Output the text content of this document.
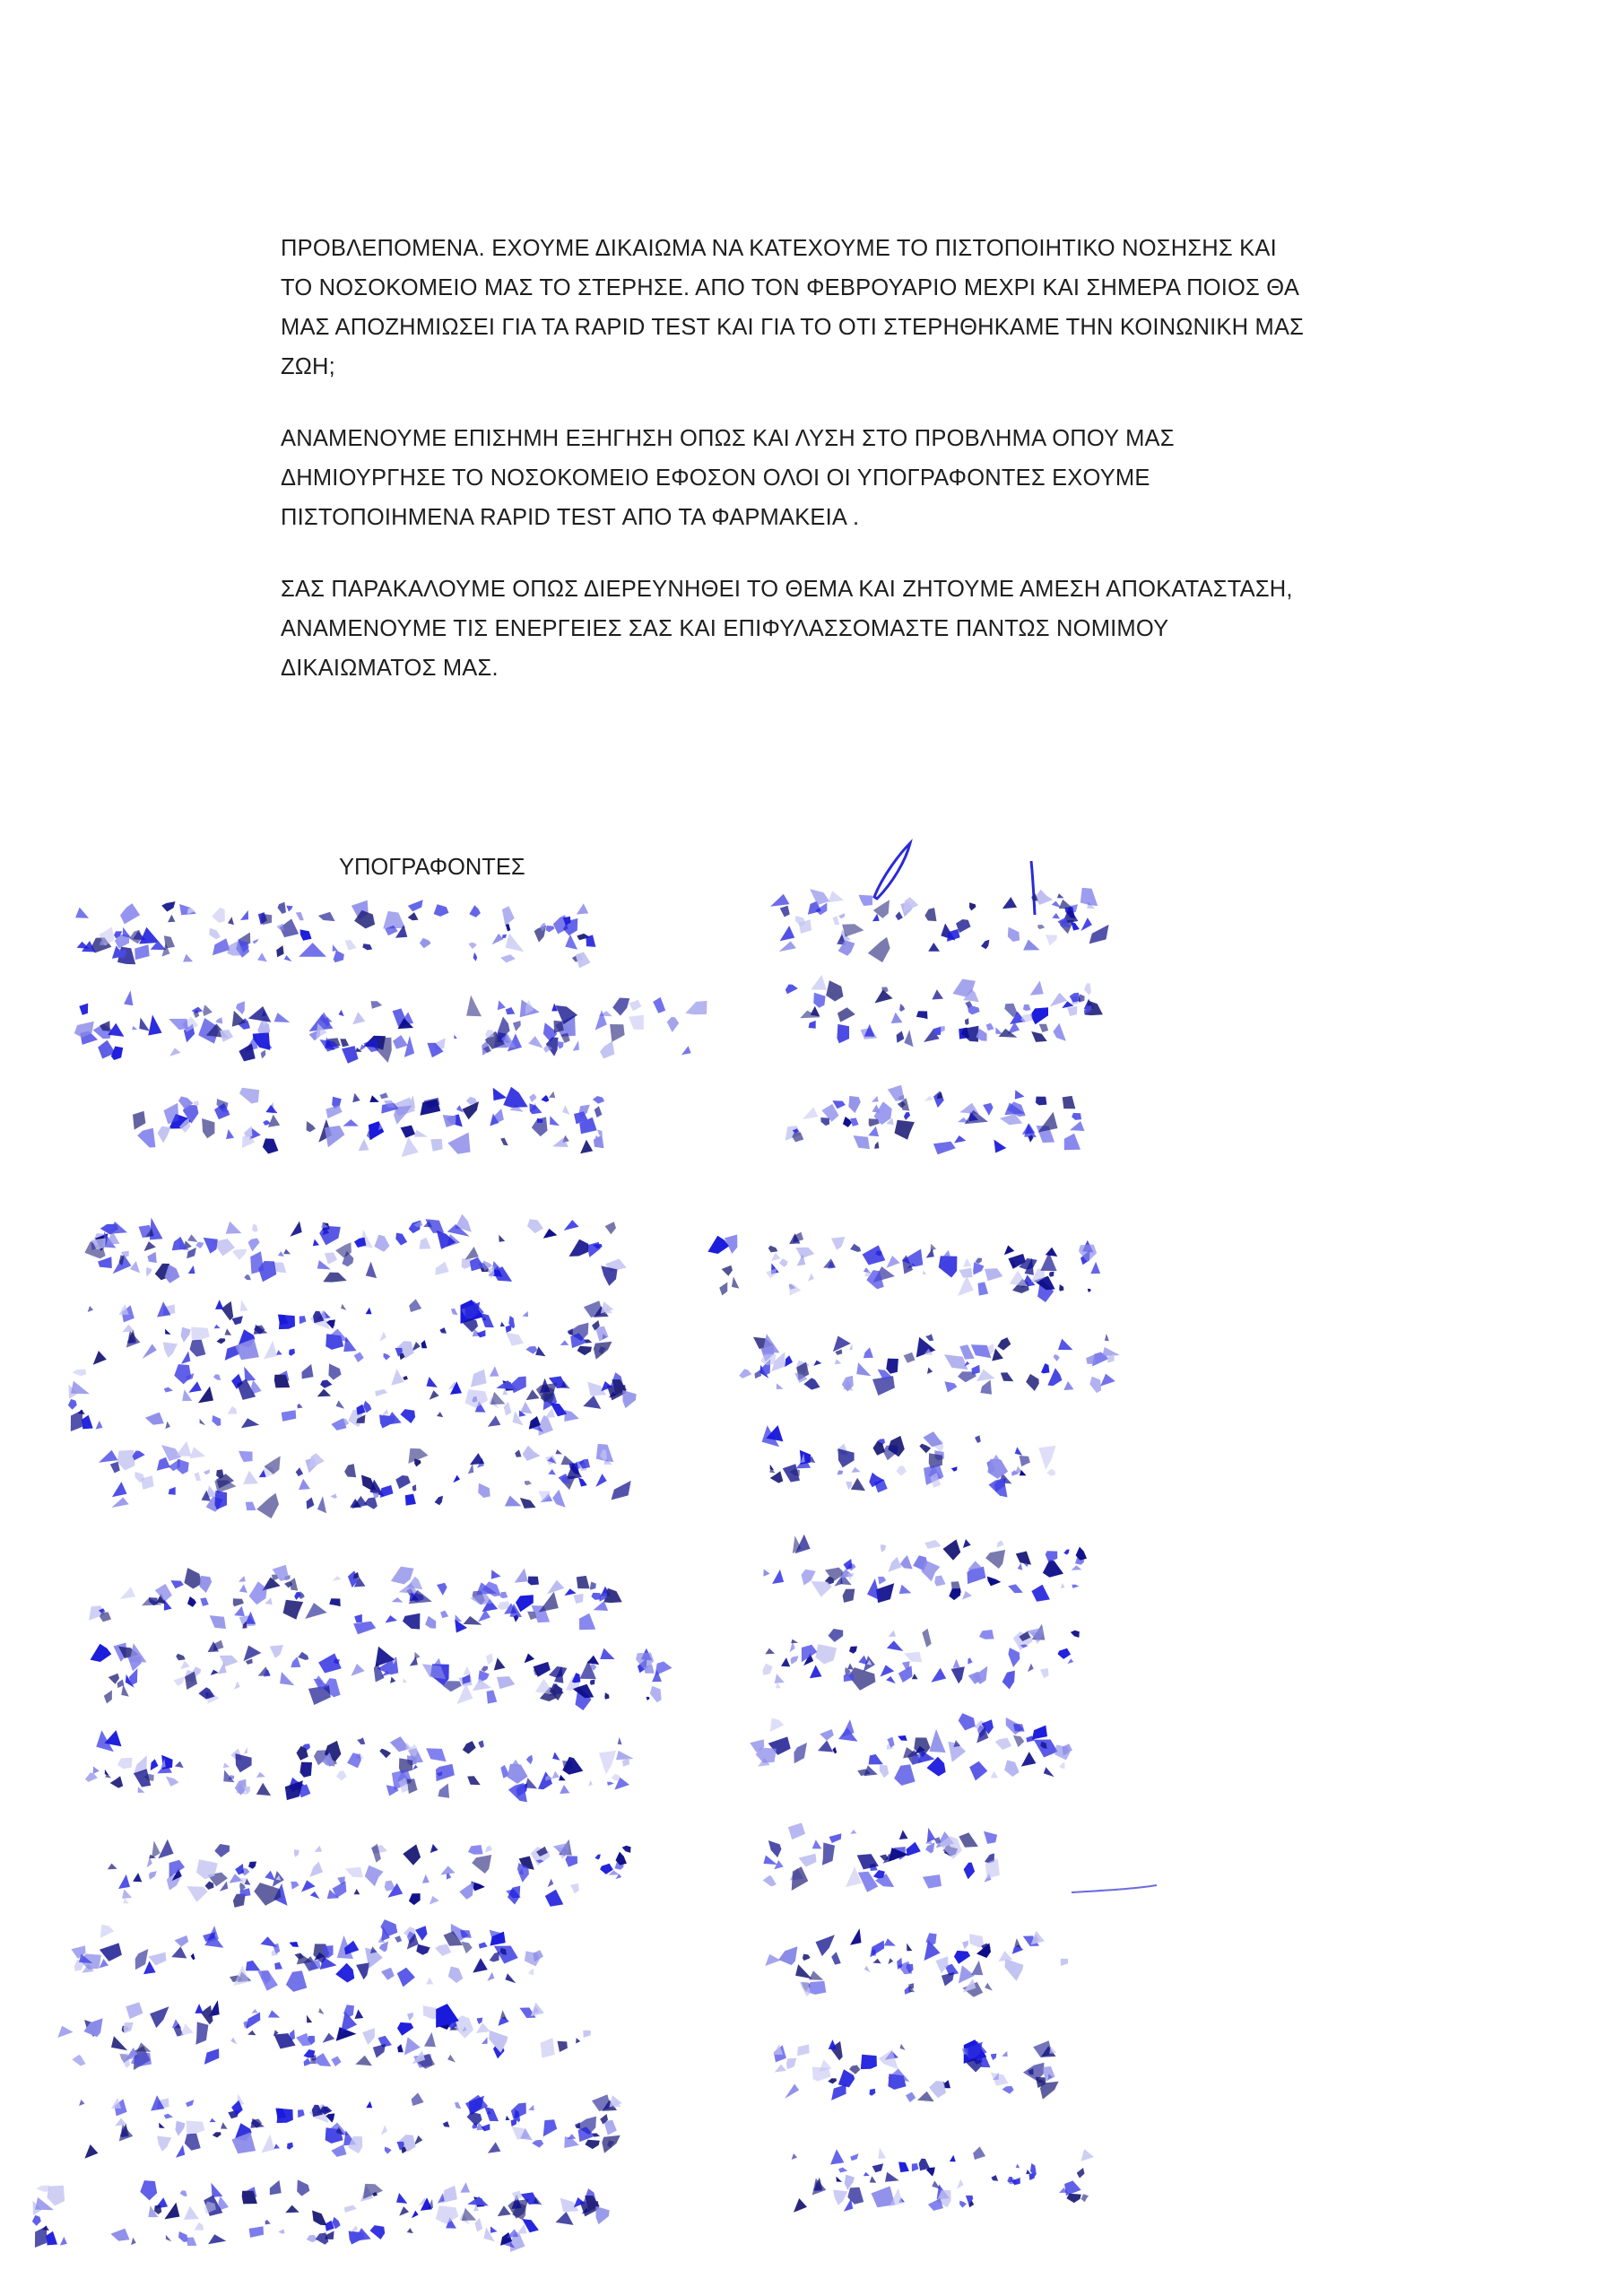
ΠΡΟΒΛΕΠΟΜΕΝΑ. ΕΧΟΥΜΕ ΔΙΚΑΙΩΜΑ ΝΑ ΚΑΤΕΧΟΥΜΕ ΤΟ ΠΙΣΤΟΠΟΙΗΤΙΚΟ ΝΟΣΗΣΗΣ ΚΑΙ
ΤΟ ΝΟΣΟΚΟΜΕΙΟ ΜΑΣ ΤΟ ΣΤΕΡΗΣΕ. ΑΠΟ ΤΟΝ ΦΕΒΡΟΥΑΡΙΟ ΜΕΧΡΙ ΚΑΙ ΣΗΜΕΡΑ ΠΟΙΟΣ ΘΑ
ΜΑΣ ΑΠΟΖΗΜΙΩΣΕΙ ΓΙΑ ΤΑ RAPID TEST ΚΑΙ ΓΙΑ ΤΟ ΟΤΙ ΣΤΕΡΗΘΗΚΑΜΕ ΤΗΝ ΚΟΙΝΩΝΙΚΗ ΜΑΣ
ΖΩΗ;

ΑΝΑΜΕΝΟΥΜΕ ΕΠΙΣΗΜΗ ΕΞΗΓΗΣΗ ΟΠΩΣ ΚΑΙ ΛΥΣΗ ΣΤΟ ΠΡΟΒΛΗΜΑ ΟΠΟΥ ΜΑΣ
ΔΗΜΙΟΥΡΓΗΣΕ ΤΟ ΝΟΣΟΚΟΜΕΙΟ ΕΦΟΣΟΝ ΟΛΟΙ ΟΙ ΥΠΟΓΡΑΦΟΝΤΕΣ ΕΧΟΥΜΕ
ΠΙΣΤΟΠΟΙΗΜΕΝΑ RAPID TEST ΑΠΟ ΤΑ ΦΑΡΜΑΚΕΙΑ .

ΣΑΣ ΠΑΡΑΚΑΛΟΥΜΕ ΟΠΩΣ ΔΙΕΡΕΥΝΗΘΕΙ ΤΟ ΘΕΜΑ ΚΑΙ ΖΗΤΟΥΜΕ ΑΜΕΣΗ ΑΠΟΚΑΤΑΣΤΑΣΗ,
ΑΝΑΜΕΝΟΥΜΕ ΤΙΣ ΕΝΕΡΓΕΙΕΣ ΣΑΣ ΚΑΙ ΕΠΙΦΥΛΑΣΣΟΜΑΣΤΕ ΠΑΝΤΩΣ ΝΟΜΙΜΟΥ
ΔΙΚΑΙΩΜΑΤΟΣ ΜΑΣ.

ΥΠΟΓΡΑΦΟΝΤΕΣ
